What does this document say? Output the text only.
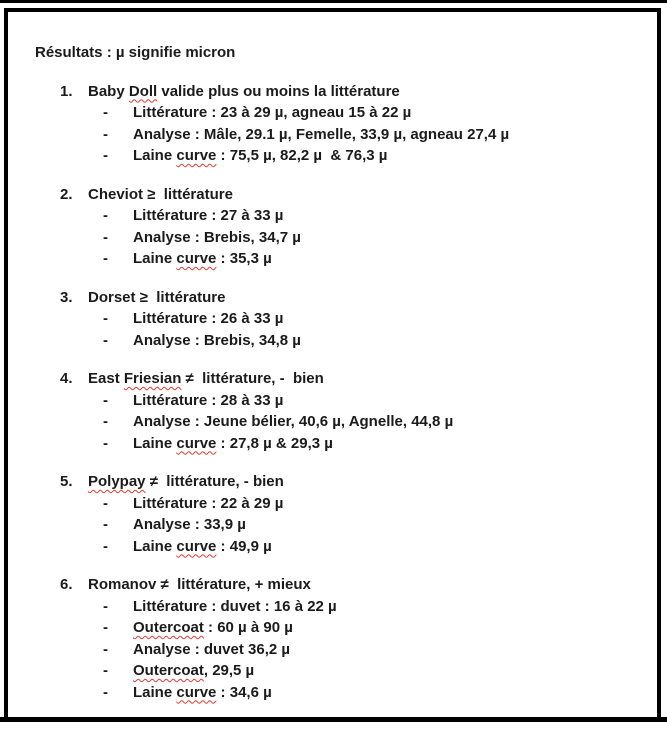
Résultats : µ signifie micron
1.	Baby Doll valide plus ou moins la littérature
-	Littérature : 23 à 29 µ, agneau 15 à 22 µ
-	Analyse : Mâle, 29.1 µ, Femelle, 33,9 µ, agneau 27,4 µ
-	Laine curve : 75,5 µ, 82,2 µ  & 76,3 µ
2.	Cheviot ≥  littérature
-	Littérature : 27 à 33 µ
-	Analyse : Brebis, 34,7 µ
-	Laine curve : 35,3 µ
3.	Dorset ≥  littérature
-	Littérature : 26 à 33 µ
-	Analyse : Brebis, 34,8 µ
4.	East Friesian ≠  littérature, -  bien
-	Littérature : 28 à 33 µ
-	Analyse : Jeune bélier, 40,6 µ, Agnelle, 44,8 µ
-	Laine curve : 27,8 µ & 29,3 µ
5.	Polypay ≠  littérature, - bien
-	Littérature : 22 à 29 µ
-	Analyse : 33,9 µ
-	Laine curve : 49,9 µ
6.	Romanov ≠  littérature, + mieux
-	Littérature : duvet : 16 à 22 µ
-	Outercoat : 60 µ à 90 µ
-	Analyse : duvet 36,2 µ
-	Outercoat, 29,5 µ
-	Laine curve : 34,6 µ
